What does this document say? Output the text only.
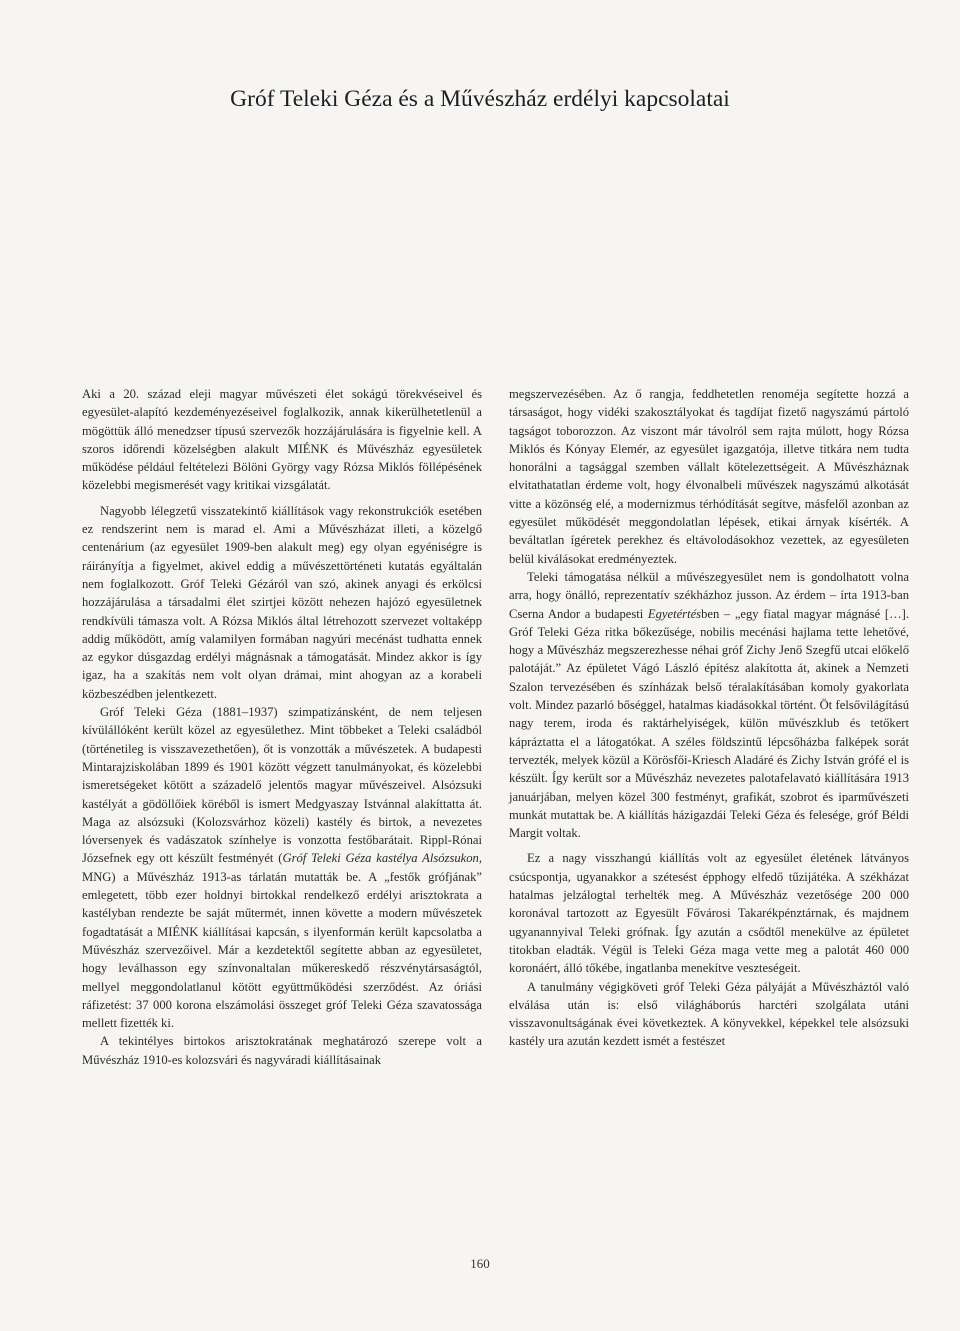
Gróf Teleki Géza és a Művészház erdélyi kapcsolatai

Aki a 20. század eleji magyar művészeti élet sokágú törekvéseivel és egyesület-alapító kezdeményezéseivel foglalkozik, annak kikerülhetetlenül a mögöttük álló menedzser típusú szervezők hozzájárulására is figyelnie kell. A szoros időrendi közelségben alakult MIÉNK és Művészház egyesületek működése például feltételezi Bölöni György vagy Rózsa Miklós föllépésének közelebbi megismerését vagy kritikai vizsgálatát.

Nagyobb lélegzetű visszatekintő kiállítások vagy rekonstrukciók esetében ez rendszerint nem is marad el. Ami a Művészházat illeti, a közelgő centenárium (az egyesület 1909-ben alakult meg) egy olyan egyéniségre is ráirányítja a figyelmet, akivel eddig a művészettörténeti kutatás egyáltalán nem foglalkozott. Gróf Teleki Gézáról van szó, akinek anyagi és erkölcsi hozzájárulása a társadalmi élet szirtjei között nehezen hajózó egyesületnek rendkívüli támasza volt. A Rózsa Miklós által létrehozott szervezet voltaképp addig működött, amíg valamilyen formában nagyúri mecénást tudhatta ennek az egykor dúsgazdag erdélyi mágnásnak a támogatását. Mindez akkor is így igaz, ha a szakítás nem volt olyan drámai, mint ahogyan az a korabeli közbeszédben jelentkezett.

Gróf Teleki Géza (1881–1937) szimpatizánsként, de nem teljesen kívülállóként került közel az egyesülethez. Mint többeket a Teleki családból (történetileg is visszavezethetően), őt is vonzották a művészetek. A budapesti Mintarajziskolában 1899 és 1901 között végzett tanulmányokat, és közelebbi ismeretségeket kötött a századelő jelentős magyar művészeivel. Alsózsuki kastélyát a gödöllőiek köréből is ismert Medgyaszay Istvánnal alakíttatta át. Maga az alsózsuki (Kolozsvárhoz közeli) kastély és birtok, a nevezetes lóversenyek és vadászatok színhelye is vonzotta festőbarátait. Rippl-Rónai Józsefnek egy ott készült festményét (Gróf Teleki Géza kastélya Alsózsukon, MNG) a Művészház 1913-as tárlatán mutatták be. A „festők grófjának” emlegetett, több ezer holdnyi birtokkal rendelkező erdélyi arisztokrata a kastélyban rendezte be saját műtermét, innen követte a modern művészetek fogadtatását a MIÉNK kiállításai kapcsán, s ilyenformán került kapcsolatba a Művészház szervezőivel. Már a kezdetektől segítette abban az egyesületet, hogy leválhasson egy színvonaltalan műkereskedő részvénytársaságtól, mellyel meggondolatlanul kötött együttműködési szerződést. Az óriási ráfizetést: 37 000 korona elszámolási összeget gróf Teleki Géza szavatossága mellett fizették ki.

A tekintélyes birtokos arisztokratának meghatározó szerepe volt a Művészház 1910-es kolozsvári és nagyváradi kiállításainak

megszervezésében. Az ő rangja, feddhetetlen renoméja segítette hozzá a társaságot, hogy vidéki szakosztályokat és tagdíjat fizető nagyszámú pártoló tagságot toborozzon. Az viszont már távolról sem rajta múlott, hogy Rózsa Miklós és Kónyay Elemér, az egyesület igazgatója, illetve titkára nem tudta honorálni a tagsággal szemben vállalt kötelezettségeit. A Művészháznak elvitathatatlan érdeme volt, hogy élvonalbeli művészek nagyszámú alkotását vitte a közönség elé, a modernizmus térhódítását segítve, másfelől azonban az egyesület működését meggondolatlan lépések, etikai árnyak kísérték. A beváltatlan ígéretek perekhez és eltávolodásokhoz vezettek, az egyesületen belül kiválásokat eredményeztek.

Teleki támogatása nélkül a művészegyesület nem is gondolhatott volna arra, hogy önálló, reprezentatív székházhoz jusson. Az érdem – írta 1913-ban Cserna Andor a budapesti Egyetértésben – „egy fiatal magyar mágnásé […]. Gróf Teleki Géza ritka bőkezűsége, nobilis mecénási hajlama tette lehetővé, hogy a Művészház megszerezhesse néhai gróf Zichy Jenő Szegfű utcai előkelő palotáját.” Az épületet Vágó László építész alakította át, akinek a Nemzeti Szalon tervezésében és színházak belső téralakításában komoly gyakorlata volt. Mindez pazarló bőséggel, hatalmas kiadásokkal történt. Öt felsővilágítású nagy terem, iroda és raktárhelyiségek, külön művészklub és tetőkert kápráztatta el a látogatókat. A széles földszintű lépcsőházba falképek sorát tervezték, melyek közül a Körösfői-Kriesch Aladáré és Zichy István grófé el is készült. Így került sor a Művészház nevezetes palotafelavató kiállítására 1913 januárjában, melyen közel 300 festményt, grafikát, szobrot és iparművészeti munkát mutattak be. A kiállítás házigazdái Teleki Géza és felesége, gróf Béldi Margit voltak.

Ez a nagy visszhangú kiállítás volt az egyesület életének látványos csúcspontja, ugyanakkor a szétesést épphogy elfedő tűzijátéka. A székházat hatalmas jelzálogtal terhelték meg. A Művészház vezetősége 200 000 koronával tartozott az Egyesült Fővárosi Takarékpénztárnak, és majdnem ugyanannyival Teleki grófnak. Így azután a csődtől menekülve az épületet titokban eladták. Végül is Teleki Géza maga vette meg a palotát 460 000 koronáért, álló tőkébe, ingatlanba menekítve veszteségeit.

A tanulmány végigköveti gróf Teleki Géza pályáját a Művészháztól való elválása után is: első világháborús harctéri szolgálata utáni visszavonultságának évei következtek. A könyvekkel, képekkel tele alsózsuki kastély ura azután kezdett ismét a festészet

160
